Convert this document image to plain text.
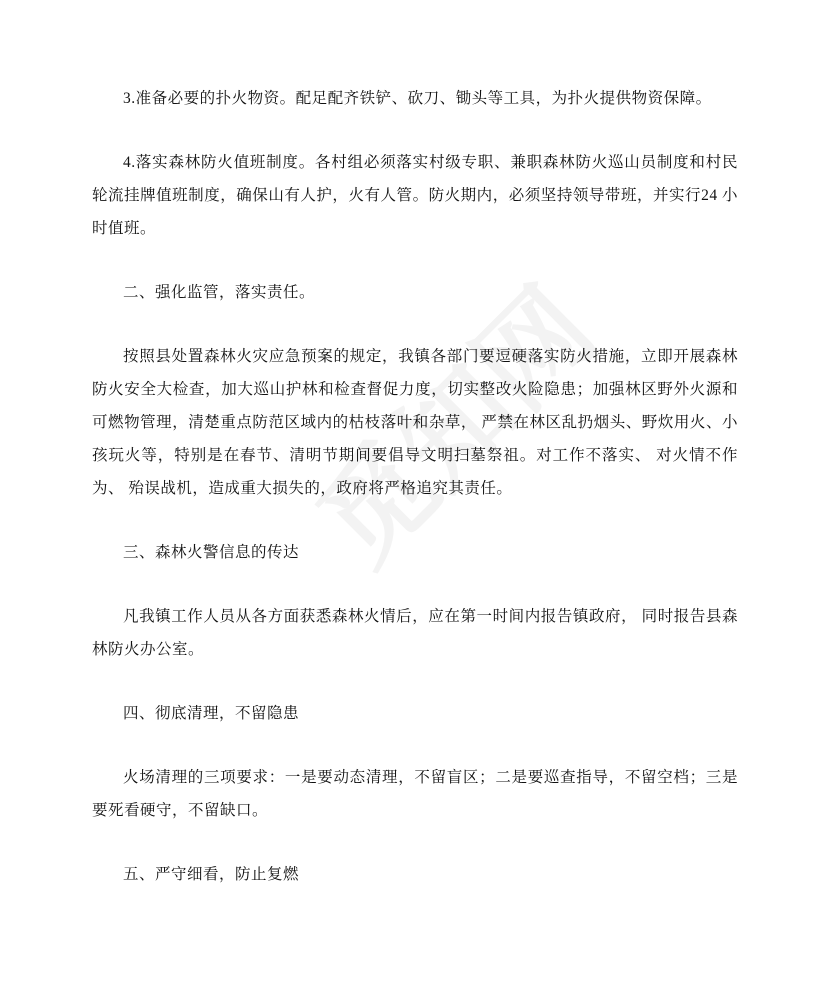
3.准备必要的扑火物资。配足配齐铁铲、砍刀、锄头等工具，为扑火提供物资保障。

4.落实森林防火值班制度。各村组必须落实村级专职、兼职森林防火巡山员制度和村民轮流挂牌值班制度，确保山有人护，火有人管。防火期内，必须坚持领导带班，并实行24 小时值班。

二、强化监管，落实责任。

按照县处置森林火灾应急预案的规定，我镇各部门要逗硬落实防火措施，立即开展森林防火安全大检查，加大巡山护林和检查督促力度，切实整改火险隐患；加强林区野外火源和可燃物管理，清楚重点防范区域内的枯枝落叶和杂草， 严禁在林区乱扔烟头、野炊用火、小孩玩火等，特别是在春节、清明节期间要倡导文明扫墓祭祖。对工作不落实、 对火情不作为、 殆误战机，造成重大损失的，政府将严格追究其责任。

三、森林火警信息的传达

凡我镇工作人员从各方面获悉森林火情后，应在第一时间内报告镇政府， 同时报告县森林防火办公室。

四、彻底清理，不留隐患

火场清理的三项要求：一是要动态清理，不留盲区；二是要巡查指导，不留空档；三是要死看硬守，不留缺口。

五、严守细看，防止复燃
